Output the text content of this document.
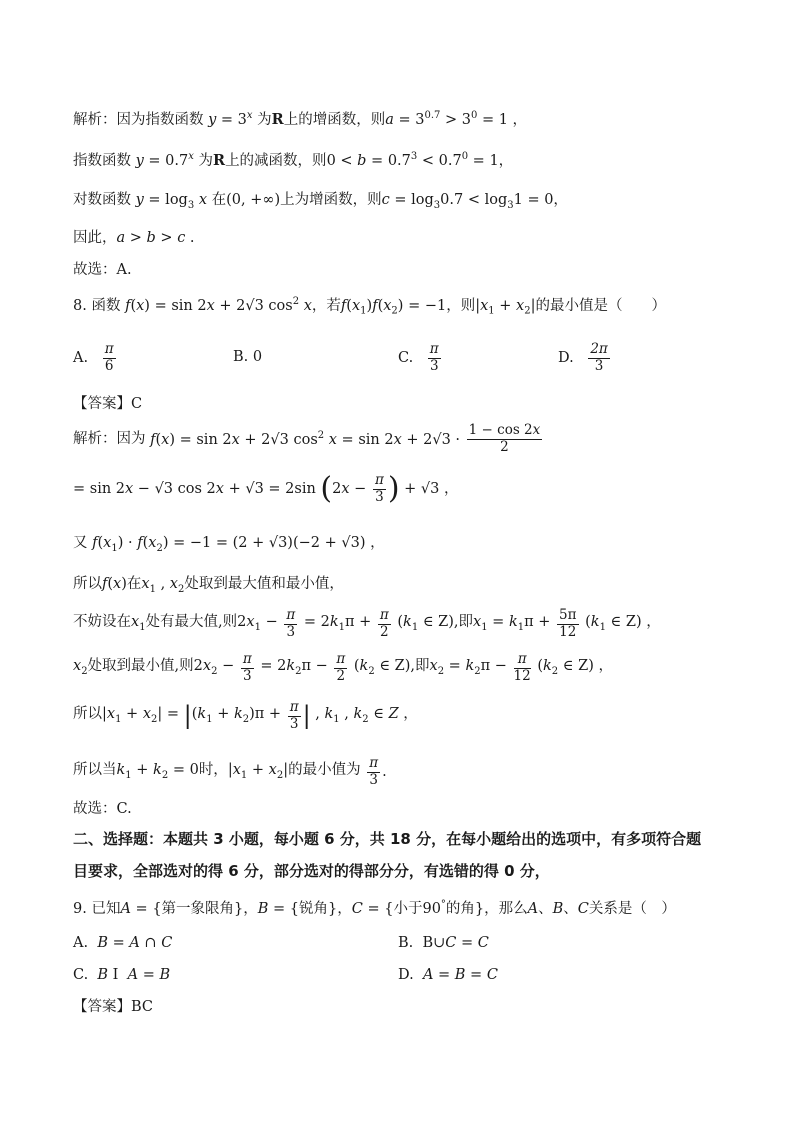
解析：因为指数函数 $y = 3^x$ 为R上的增函数，则$a = 3^{0.7} > 3^0 = 1$ ，
指数函数 $y = 0.7^x$ 为R上的减函数，则$0 < b = 0.7^3 < 0.7^0 = 1$，
对数函数 $y = \log_3 x$ 在(0, +∞)上为增函数，则$c = \log_30.7 < \log_31 = 0$，
因此，a > b > c .
故选：A.
8. 函数 f(x) = sin 2x + 2√3 $\cos^2 x$，若$f(x_1)f(x_2) = -1$，则$|x_1 + x_2|$的最小值是（　　）
A. $\frac{\pi}{6}$	B. 0	C. $\frac{\pi}{3}$	D. $\frac{2\pi}{3}$
【答案】C
解析：因为 f(x) = sin 2x + 2√3 $\cos^2 x = \sin 2x + 2√3 \cdot \frac{1 - \cos 2x}{2}$
= sin 2x − √3 cos 2x + √3 = 2sin ($2x - \frac{\pi}{3}$ ) + √3 ，
又 $f(x_1) \cdot f(x_2) = -1 = (2 + √3)(-2 + √3)$ ，
所以f(x)在$x_1$ , $x_2$处取到最大值和最小值，
不妨设在$x_1$处有最大值,则$2x_1 - \frac{\pi}{3} = 2k_1\pi + \frac{\pi}{2} (k_1$ ∈ Z),即$x_1 = k_1\pi + \frac{5\pi}{12} (k_1$ ∈ Z) ，
$x_2$处取到最小值,则$2x_2 - \frac{\pi}{3} = 2k_2\pi - \frac{\pi}{2} (k_2$ ∈ Z),即$x_2 = k_2\pi - \frac{\pi}{12} (k_2$ ∈ Z) ，
所以$|x_1 + x_2| = |(k_1 + k_2)\pi + \frac{\pi}{3}$ | , $k_1$ , $k_2$ ∈ Z ，
所以当$k_1 + k_2 = 0$时，$|x_1 + x_2|$的最小值为 $\frac{\pi}{3}$ .
故选：C.
二、选择题：本题共 3 小题，每小题 6 分，共 18 分，在每小题给出的选项中，有多项符合题
目要求，全部选对的得 6 分，部分选对的得部分分，有选错的得 0 分，
9. 已知A = {第一象限角}，B = {锐角}，C = {小于90°的角}，那么A、B、C关系是（　）
A. B = A ∩ C	B.  B∪C = C
C. B I  A = B	D. A = B = C
【答案】BC
